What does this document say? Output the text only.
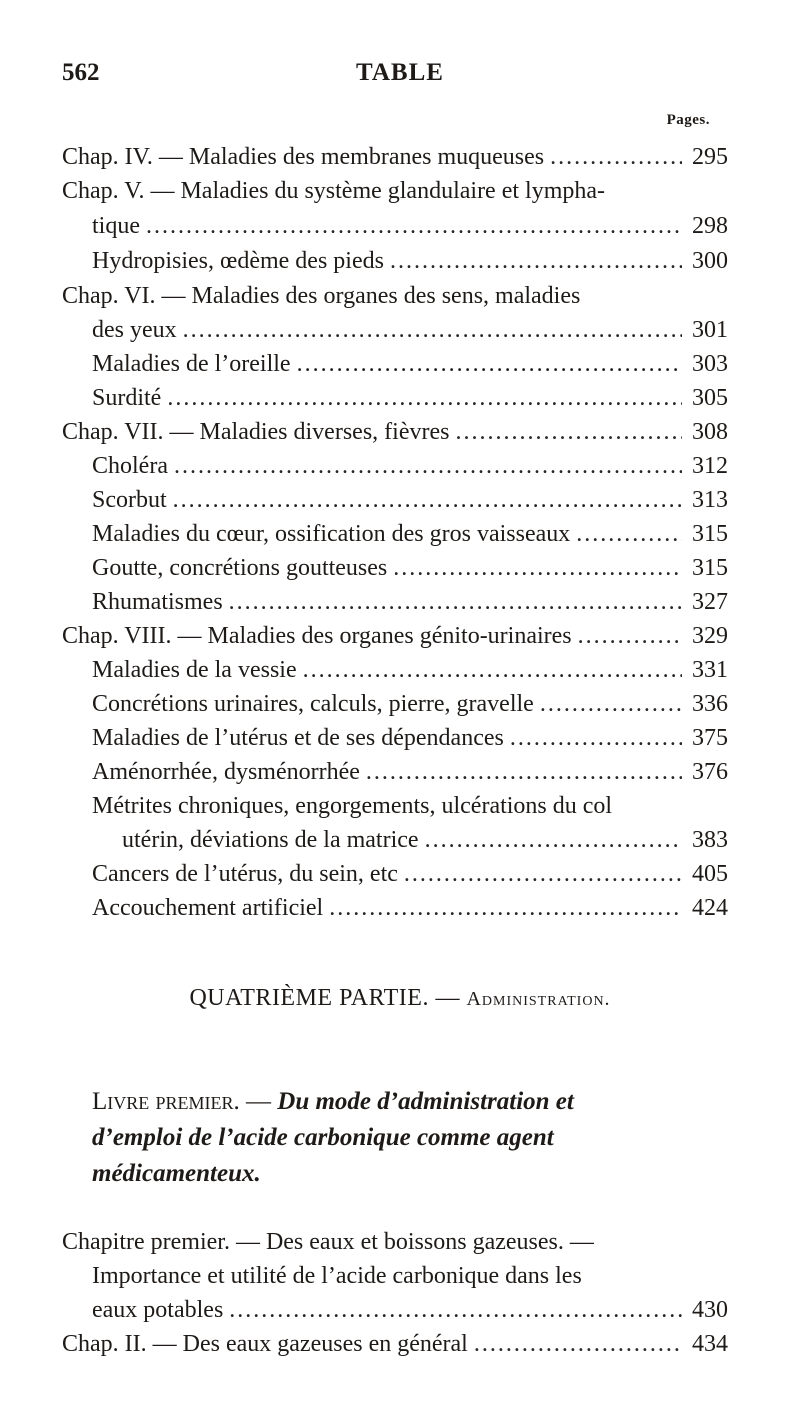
562	TABLE
Pages.
Chap. IV. — Maladies des membranes muqueuses .....	295
Chap. V. — Maladies du système glandulaire et lympha-
tique .....	298
Hydropisies, œdème des pieds .....	300
Chap. VI. — Maladies des organes des sens, maladies
des yeux .....	301
Maladies de l’oreille .....	303
Surdité .....	305
Chap. VII. — Maladies diverses, fièvres .....	308
Choléra .....	312
Scorbut .....	313
Maladies du cœur, ossification des gros vaisseaux .....	315
Goutte, concrétions goutteuses .....	315
Rhumatismes .....	327
Chap. VIII. — Maladies des organes génito-urinaires .....	329
Maladies de la vessie .....	331
Concrétions urinaires, calculs, pierre, gravelle .....	336
Maladies de l’utérus et de ses dépendances .....	375
Aménorrhée, dysménorrhée .....	376
Métrites chroniques, engorgements, ulcérations du col
utérin, déviations de la matrice .....	383
Cancers de l’utérus, du sein, etc .....	405
Accouchement artificiel .....	424
QUATRIÈME PARTIE. — Administration.
Livre premier. — Du mode d’administration et
d’emploi de l’acide carbonique comme agent
médicamenteux.
Chapitre premier. — Des eaux et boissons gazeuses. —
Importance et utilité de l’acide carbonique dans les
eaux potables .....	430
Chap. II. — Des eaux gazeuses en général .....	434
